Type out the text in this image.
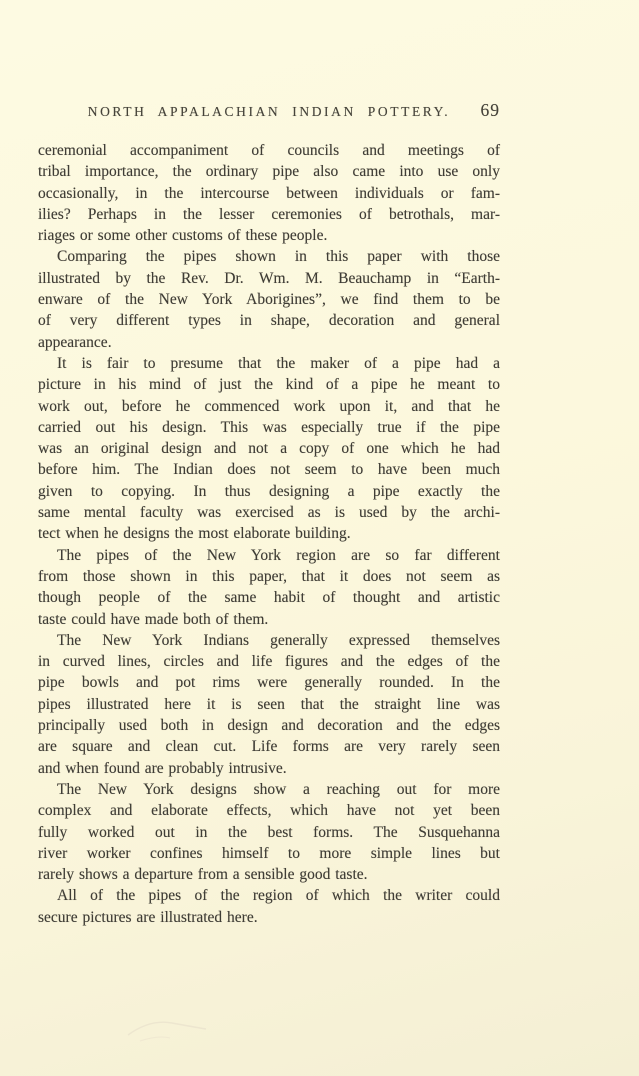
NORTH APPALACHIAN INDIAN POTTERY. 69
ceremonial accompaniment of councils and meetings of
tribal importance, the ordinary pipe also came into use only
occasionally, in the intercourse between individuals or fam-
ilies? Perhaps in the lesser ceremonies of betrothals, mar-
riages or some other customs of these people.
Comparing the pipes shown in this paper with those
illustrated by the Rev. Dr. Wm. M. Beauchamp in “Earth-
enware of the New York Aborigines”, we find them to be
of very different types in shape, decoration and general
appearance.
It is fair to presume that the maker of a pipe had a
picture in his mind of just the kind of a pipe he meant to
work out, before he commenced work upon it, and that he
carried out his design. This was especially true if the pipe
was an original design and not a copy of one which he had
before him. The Indian does not seem to have been much
given to copying. In thus designing a pipe exactly the
same mental faculty was exercised as is used by the archi-
tect when he designs the most elaborate building.
The pipes of the New York region are so far different
from those shown in this paper, that it does not seem as
though people of the same habit of thought and artistic
taste could have made both of them.
The New York Indians generally expressed themselves
in curved lines, circles and life figures and the edges of the
pipe bowls and pot rims were generally rounded. In the
pipes illustrated here it is seen that the straight line was
principally used both in design and decoration and the edges
are square and clean cut. Life forms are very rarely seen
and when found are probably intrusive.
The New York designs show a reaching out for more
complex and elaborate effects, which have not yet been
fully worked out in the best forms. The Susquehanna
river worker confines himself to more simple lines but
rarely shows a departure from a sensible good taste.
All of the pipes of the region of which the writer could
secure pictures are illustrated here.
